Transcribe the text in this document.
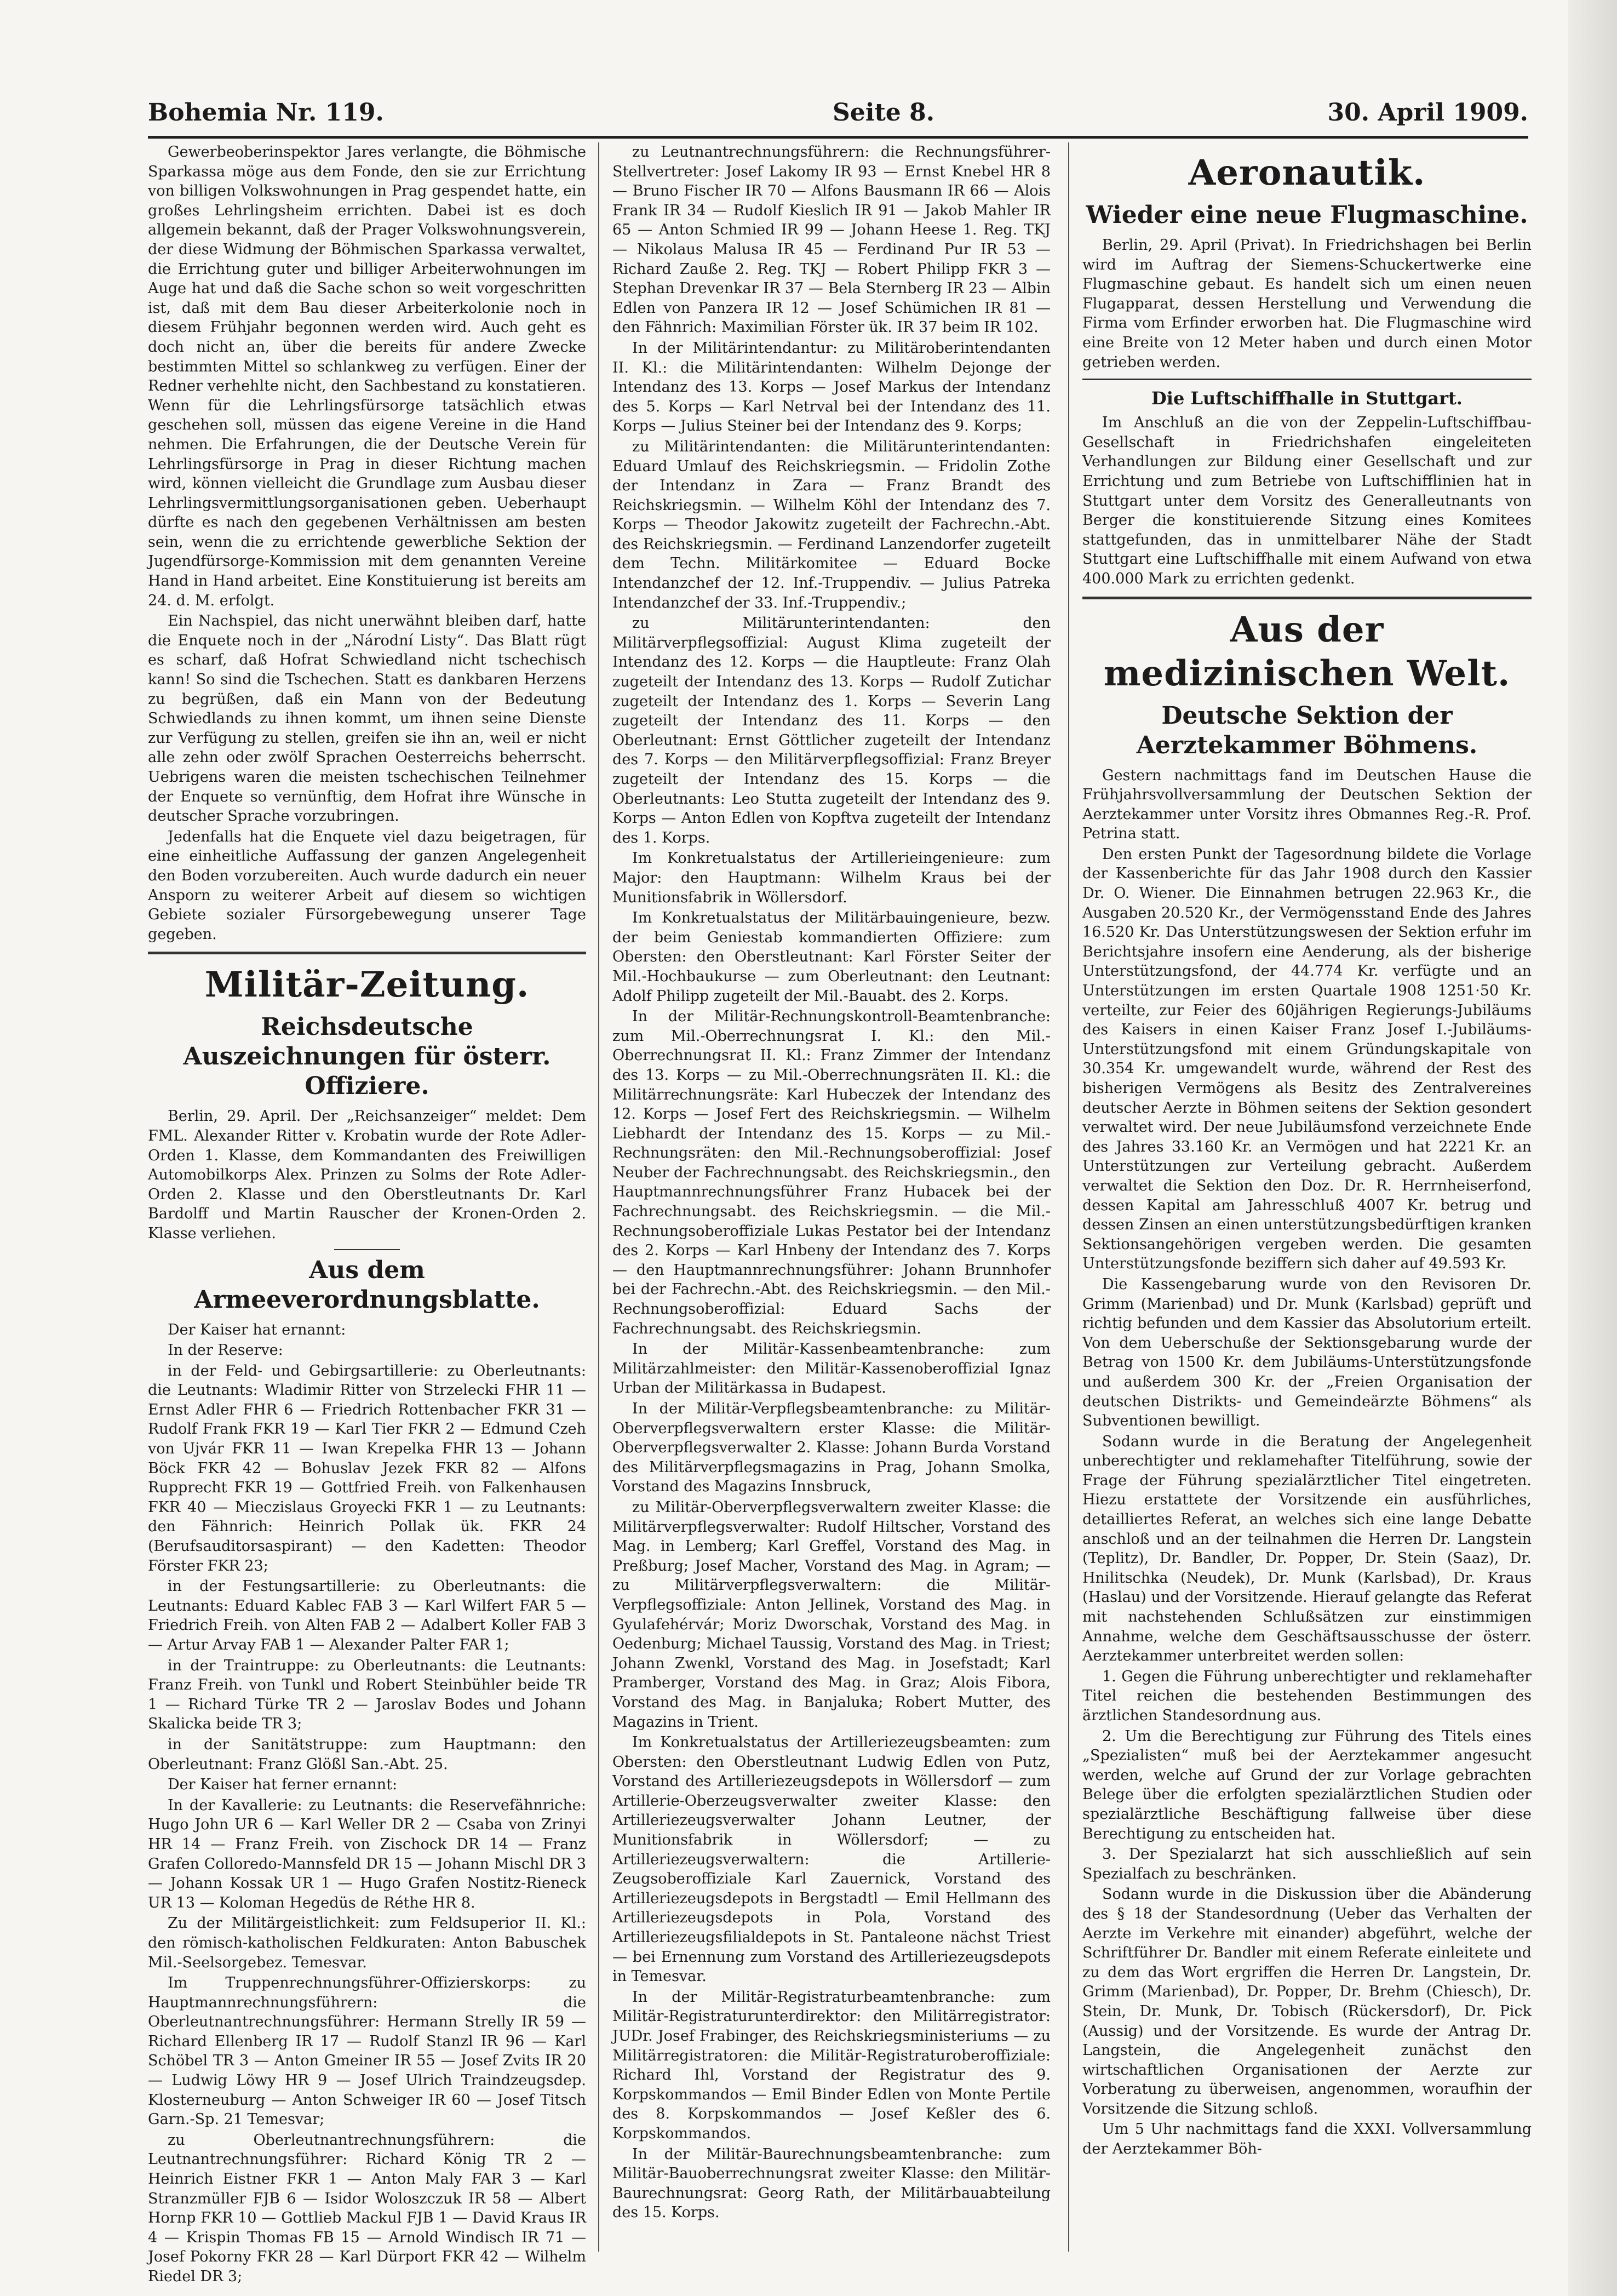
Bohemia Nr. 119.	Seite 8.	30. April 1909.

Gewerbeoberinspektor Jares verlangte, die Böhmische Sparkassa möge aus dem Fonde, den sie zur Errichtung von billigen Volkswohnungen in Prag gespendet hatte, ein großes Lehrlingsheim errichten. Dabei ist es doch allgemein bekannt, daß der Prager Volkswohnungsverein, der diese Widmung der Böhmischen Sparkassa verwaltet, die Errichtung guter und billiger Arbeiterwohnungen im Auge hat und daß die Sache schon so weit vorgeschritten ist, daß mit dem Bau dieser Arbeiterkolonie noch in diesem Frühjahr begonnen werden wird. Auch geht es doch nicht an, über die bereits für andere Zwecke bestimmten Mittel so schlankweg zu verfügen. Einer der Redner verhehlte nicht, den Sachbestand zu konstatieren. Wenn für die Lehrlingsfürsorge tatsächlich etwas geschehen soll, müssen das eigene Vereine in die Hand nehmen. Die Erfahrungen, die der Deutsche Verein für Lehrlingsfürsorge in Prag in dieser Richtung machen wird, können vielleicht die Grundlage zum Ausbau dieser Lehrlingsvermittlungsorganisationen geben. Ueberhaupt dürfte es nach den gegebenen Verhältnissen am besten sein, wenn die zu errichtende gewerbliche Sektion der Jugendfürsorge-Kommission mit dem genannten Vereine Hand in Hand arbeitet. Eine Konstituierung ist bereits am 24. d. M. erfolgt.

Ein Nachspiel, das nicht unerwähnt bleiben darf, hatte die Enquete noch in der „Národní Listy“. Das Blatt rügt es scharf, daß Hofrat Schwiedland nicht tschechisch kann! So sind die Tschechen. Statt es dankbaren Herzens zu begrüßen, daß ein Mann von der Bedeutung Schwiedlands zu ihnen kommt, um ihnen seine Dienste zur Verfügung zu stellen, greifen sie ihn an, weil er nicht alle zehn oder zwölf Sprachen Oesterreichs beherrscht. Uebrigens waren die meisten tschechischen Teilnehmer der Enquete so vernünftig, dem Hofrat ihre Wünsche in deutscher Sprache vorzubringen.

Jedenfalls hat die Enquete viel dazu beigetragen, für eine einheitliche Auffassung der ganzen Angelegenheit den Boden vorzubereiten. Auch wurde dadurch ein neuer Ansporn zu weiterer Arbeit auf diesem so wichtigen Gebiete sozialer Fürsorgebewegung unserer Tage gegeben.

Militär-Zeitung.
Reichsdeutsche Auszeichnungen für österr. Offiziere.

Berlin, 29. April. Der „Reichsanzeiger“ meldet: Dem FML. Alexander Ritter v. Krobatin wurde der Rote Adler-Orden 1. Klasse, dem Kommandanten des Freiwilligen Automobilkorps Alex. Prinzen zu Solms der Rote Adler-Orden 2. Klasse und den Oberstleutnants Dr. Karl Bardolff und Martin Rauscher der Kronen-Orden 2. Klasse verliehen.

Aus dem Armeeverordnungsblatte.

Der Kaiser hat ernannt:

In der Reserve:

in der Feld- und Gebirgsartillerie: zu Oberleutnants: die Leutnants: Wladimir Ritter von Strzelecki FHR 11 — Ernst Adler FHR 6 — Friedrich Rottenbacher FKR 31 — Rudolf Frank FKR 19 — Karl Tier FKR 2 — Edmund Czeh von Ujvár FKR 11 — Iwan Krepelka FHR 13 — Johann Böck FKR 42 — Bohuslav Jezek FKR 82 — Alfons Rupprecht FKR 19 — Gottfried Freih. von Falkenhausen FKR 40 — Mieczislaus Groyecki FKR 1 — zu Leutnants: den Fähnrich: Heinrich Pollak ük. FKR 24 (Berufsauditorsaspirant) — den Kadetten: Theodor Förster FKR 23;

in der Festungsartillerie: zu Oberleutnants: die Leutnants: Eduard Kablec FAB 3 — Karl Wilfert FAR 5 — Friedrich Freih. von Alten FAB 2 — Adalbert Koller FAB 3 — Artur Arvay FAB 1 — Alexander Palter FAR 1;

in der Traintruppe: zu Oberleutnants: die Leutnants: Franz Freih. von Tunkl und Robert Steinbühler beide TR 1 — Richard Türke TR 2 — Jaroslav Bodes und Johann Skalicka beide TR 3;

in der Sanitätstruppe: zum Hauptmann: den Oberleutnant: Franz Glößl San.-Abt. 25.

Der Kaiser hat ferner ernannt:

In der Kavallerie: zu Leutnants: die Reservefähnriche: Hugo John UR 6 — Karl Weller DR 2 — Csaba von Zrinyi HR 14 — Franz Freih. von Zischock DR 14 — Franz Grafen Colloredo-Mannsfeld DR 15 — Johann Mischl DR 3 — Johann Kossak UR 1 — Hugo Grafen Nostitz-Rieneck UR 13 — Koloman Hegedüs de Réthe HR 8.

Zu der Militärgeistlichkeit: zum Feldsuperior II. Kl.: den römisch-katholischen Feldkuraten: Anton Babuschek Mil.-Seelsorgebez. Temesvar.

Im Truppenrechnungsführer-Offizierskorps: zu Hauptmannrechnungsführern: die Oberleutnantrechnungsführer: Hermann Strelly IR 59 — Richard Ellenberg IR 17 — Rudolf Stanzl IR 96 — Karl Schöbel TR 3 — Anton Gmeiner IR 55 — Josef Zvits IR 20 — Ludwig Löwy HR 9 — Josef Ulrich Traindzeugsdep. Klosterneuburg — Anton Schweiger IR 60 — Josef Titsch Garn.-Sp. 21 Temesvar;

zu Oberleutnantrechnungsführern: die Leutnantrechnungsführer: Richard König TR 2 — Heinrich Eistner FKR 1 — Anton Maly FAR 3 — Karl Stranzmüller FJB 6 — Isidor Woloszczuk IR 58 — Albert Hornp FKR 10 — Gottlieb Mackul FJB 1 — David Kraus IR 4 — Krispin Thomas FB 15 — Arnold Windisch IR 71 — Josef Pokorny FKR 28 — Karl Dürport FKR 42 — Wilhelm Riedel DR 3;

zu Leutnantrechnungsführern: die Rechnungsführer-Stellvertreter: Josef Lakomy IR 93 — Ernst Knebel HR 8 — Bruno Fischer IR 70 — Alfons Bausmann IR 66 — Alois Frank IR 34 — Rudolf Kieslich IR 91 — Jakob Mahler IR 65 — Anton Schmied IR 99 — Johann Heese 1. Reg. TKJ — Nikolaus Malusa IR 45 — Ferdinand Pur IR 53 — Richard Zauße 2. Reg. TKJ — Robert Philipp FKR 3 — Stephan Drevenkar IR 37 — Bela Sternberg IR 23 — Albin Edlen von Panzera IR 12 — Josef Schümichen IR 81 — den Fähnrich: Maximilian Förster ük. IR 37 beim IR 102.

In der Militärintendantur: zu Militäroberintendanten II. Kl.: die Militärintendanten: Wilhelm Dejonge der Intendanz des 13. Korps — Josef Markus der Intendanz des 5. Korps — Karl Netrval bei der Intendanz des 11. Korps — Julius Steiner bei der Intendanz des 9. Korps;

zu Militärintendanten: die Militärunterintendanten: Eduard Umlauf des Reichskriegsmin. — Fridolin Zothe der Intendanz in Zara — Franz Brandt des Reichskriegsmin. — Wilhelm Köhl der Intendanz des 7. Korps — Theodor Jakowitz zugeteilt der Fachrechn.-Abt. des Reichskriegsmin. — Ferdinand Lanzendorfer zugeteilt dem Techn. Militärkomitee — Eduard Bocke Intendanzchef der 12. Inf.-Truppendiv. — Julius Patreka Intendanzchef der 33. Inf.-Truppendiv.;

zu Militärunterintendanten: den Militärverpflegsoffizial: August Klima zugeteilt der Intendanz des 12. Korps — die Hauptleute: Franz Olah zugeteilt der Intendanz des 13. Korps — Rudolf Zutichar zugeteilt der Intendanz des 1. Korps — Severin Lang zugeteilt der Intendanz des 11. Korps — den Oberleutnant: Ernst Göttlicher zugeteilt der Intendanz des 7. Korps — den Militärverpflegsoffizial: Franz Breyer zugeteilt der Intendanz des 15. Korps — die Oberleutnants: Leo Stutta zugeteilt der Intendanz des 9. Korps — Anton Edlen von Kopftva zugeteilt der Intendanz des 1. Korps.

Im Konkretualstatus der Artillerieingenieure: zum Major: den Hauptmann: Wilhelm Kraus bei der Munitionsfabrik in Wöllersdorf.

Im Konkretualstatus der Militärbauingenieure, bezw. der beim Geniestab kommandierten Offiziere: zum Obersten: den Oberstleutnant: Karl Förster Seiter der Mil.-Hochbaukurse — zum Oberleutnant: den Leutnant: Adolf Philipp zugeteilt der Mil.-Bauabt. des 2. Korps.

In der Militär-Rechnungskontroll-Beamtenbranche: zum Mil.-Oberrechnungsrat I. Kl.: den Mil.-Oberrechnungsrat II. Kl.: Franz Zimmer der Intendanz des 13. Korps — zu Mil.-Oberrechnungsräten II. Kl.: die Militärrechnungsräte: Karl Hubeczek der Intendanz des 12. Korps — Josef Fert des Reichskriegsmin. — Wilhelm Liebhardt der Intendanz des 15. Korps — zu Mil.-Rechnungsräten: den Mil.-Rechnungsoberoffizial: Josef Neuber der Fachrechnungsabt. des Reichskriegsmin., den Hauptmannrechnungsführer Franz Hubacek bei der Fachrechnungsabt. des Reichskriegsmin. — die Mil.-Rechnungsoberoffiziale Lukas Pestator bei der Intendanz des 2. Korps — Karl Hnbeny der Intendanz des 7. Korps — den Hauptmannrechnungsführer: Johann Brunnhofer bei der Fachrechn.-Abt. des Reichskriegsmin. — den Mil.-Rechnungsoberoffizial: Eduard Sachs der Fachrechnungsabt. des Reichskriegsmin.

In der Militär-Kassenbeamtenbranche: zum Militärzahlmeister: den Militär-Kassenoberoffizial Ignaz Urban der Militärkassa in Budapest.

In der Militär-Verpflegsbeamtenbranche: zu Militär-Oberverpflegsverwaltern erster Klasse: die Militär-Oberverpflegsverwalter 2. Klasse: Johann Burda Vorstand des Militärverpflegsmagazins in Prag, Johann Smolka, Vorstand des Magazins Innsbruck,

zu Militär-Oberverpflegsverwaltern zweiter Klasse: die Militärverpflegsverwalter: Rudolf Hiltscher, Vorstand des Mag. in Lemberg; Karl Greffel, Vorstand des Mag. in Preßburg; Josef Macher, Vorstand des Mag. in Agram; — zu Militärverpflegsverwaltern: die Militär-Verpflegsoffiziale: Anton Jellinek, Vorstand des Mag. in Gyulafehérvár; Moriz Dworschak, Vorstand des Mag. in Oedenburg; Michael Taussig, Vorstand des Mag. in Triest; Johann Zwenkl, Vorstand des Mag. in Josefstadt; Karl Pramberger, Vorstand des Mag. in Graz; Alois Fibora, Vorstand des Mag. in Banjaluka; Robert Mutter, des Magazins in Trient.

Im Konkretualstatus der Artilleriezeugsbeamten: zum Obersten: den Oberstleutnant Ludwig Edlen von Putz, Vorstand des Artilleriezeugsdepots in Wöllersdorf — zum Artillerie-Oberzeugsverwalter zweiter Klasse: den Artilleriezeugsverwalter Johann Leutner, der Munitionsfabrik in Wöllersdorf; — zu Artilleriezeugsverwaltern: die Artillerie-Zeugsoberoffiziale Karl Zauernick, Vorstand des Artilleriezeugsdepots in Bergstadtl — Emil Hellmann des Artilleriezeugsdepots in Pola, Vorstand des Artilleriezeugsfilialdepots in St. Pantaleone nächst Triest — bei Ernennung zum Vorstand des Artilleriezeugsdepots in Temesvar.

In der Militär-Registraturbeamtenbranche: zum Militär-Registraturunterdirektor: den Militärregistrator: JUDr. Josef Frabinger, des Reichskriegsministeriums — zu Militärregistratoren: die Militär-Registraturoberoffiziale: Richard Ihl, Vorstand der Registratur des 9. Korpskommandos — Emil Binder Edlen von Monte Pertile des 8. Korpskommandos — Josef Keßler des 6. Korpskommandos.

In der Militär-Baurechnungsbeamtenbranche: zum Militär-Bauoberrechnungsrat zweiter Klasse: den Militär-Baurechnungsrat: Georg Rath, der Militärbauabteilung des 15. Korps.

Aeronautik.
Wieder eine neue Flugmaschine.

Berlin, 29. April (Privat). In Friedrichshagen bei Berlin wird im Auftrag der Siemens-Schuckertwerke eine Flugmaschine gebaut. Es handelt sich um einen neuen Flugapparat, dessen Herstellung und Verwendung die Firma vom Erfinder erworben hat. Die Flugmaschine wird eine Breite von 12 Meter haben und durch einen Motor getrieben werden.

Die Luftschiffhalle in Stuttgart.

Im Anschluß an die von der Zeppelin-Luftschiffbau-Gesellschaft in Friedrichshafen eingeleiteten Verhandlungen zur Bildung einer Gesellschaft und zur Errichtung und zum Betriebe von Luftschifflinien hat in Stuttgart unter dem Vorsitz des Generalleutnants von Berger die konstituierende Sitzung eines Komitees stattgefunden, das in unmittelbarer Nähe der Stadt Stuttgart eine Luftschiffhalle mit einem Aufwand von etwa 400.000 Mark zu errichten gedenkt.

Aus der medizinischen Welt.
Deutsche Sektion der Aerztekammer Böhmens.

Gestern nachmittags fand im Deutschen Hause die Frühjahrsvollversammlung der Deutschen Sektion der Aerztekammer unter Vorsitz ihres Obmannes Reg.-R. Prof. Petrina statt.

Den ersten Punkt der Tagesordnung bildete die Vorlage der Kassenberichte für das Jahr 1908 durch den Kassier Dr. O. Wiener. Die Einnahmen betrugen 22.963 Kr., die Ausgaben 20.520 Kr., der Vermögensstand Ende des Jahres 16.520 Kr. Das Unterstützungswesen der Sektion erfuhr im Berichtsjahre insofern eine Aenderung, als der bisherige Unterstützungsfond, der 44.774 Kr. verfügte und an Unterstützungen im ersten Quartale 1908 1251·50 Kr. verteilte, zur Feier des 60jährigen Regierungs-Jubiläums des Kaisers in einen Kaiser Franz Josef I.-Jubiläums-Unterstützungsfond mit einem Gründungskapitale von 30.354 Kr. umgewandelt wurde, während der Rest des bisherigen Vermögens als Besitz des Zentralvereines deutscher Aerzte in Böhmen seitens der Sektion gesondert verwaltet wird. Der neue Jubiläumsfond verzeichnete Ende des Jahres 33.160 Kr. an Vermögen und hat 2221 Kr. an Unterstützungen zur Verteilung gebracht. Außerdem verwaltet die Sektion den Doz. Dr. R. Herrnheiserfond, dessen Kapital am Jahresschluß 4007 Kr. betrug und dessen Zinsen an einen unterstützungsbedürftigen kranken Sektionsangehörigen vergeben werden. Die gesamten Unterstützungsfonde beziffern sich daher auf 49.593 Kr.

Die Kassengebarung wurde von den Revisoren Dr. Grimm (Marienbad) und Dr. Munk (Karlsbad) geprüft und richtig befunden und dem Kassier das Absolutorium erteilt. Von dem Ueberschuße der Sektionsgebarung wurde der Betrag von 1500 Kr. dem Jubiläums-Unterstützungsfonde und außerdem 300 Kr. der „Freien Organisation der deutschen Distrikts- und Gemeindeärzte Böhmens“ als Subventionen bewilligt.

Sodann wurde in die Beratung der Angelegenheit unberechtigter und reklamehafter Titelführung, sowie der Frage der Führung spezialärztlicher Titel eingetreten. Hiezu erstattete der Vorsitzende ein ausführliches, detailliertes Referat, an welches sich eine lange Debatte anschloß und an der teilnahmen die Herren Dr. Langstein (Teplitz), Dr. Bandler, Dr. Popper, Dr. Stein (Saaz), Dr. Hnilitschka (Neudek), Dr. Munk (Karlsbad), Dr. Kraus (Haslau) und der Vorsitzende. Hierauf gelangte das Referat mit nachstehenden Schlußsätzen zur einstimmigen Annahme, welche dem Geschäftsausschusse der österr. Aerztekammer unterbreitet werden sollen:

1. Gegen die Führung unberechtigter und reklamehafter Titel reichen die bestehenden Bestimmungen des ärztlichen Standesordnung aus.

2. Um die Berechtigung zur Führung des Titels eines „Spezialisten“ muß bei der Aerztekammer angesucht werden, welche auf Grund der zur Vorlage gebrachten Belege über die erfolgten spezialärztlichen Studien oder spezialärztliche Beschäftigung fallweise über diese Berechtigung zu entscheiden hat.

3. Der Spezialarzt hat sich ausschließlich auf sein Spezialfach zu beschränken.

Sodann wurde in die Diskussion über die Abänderung des § 18 der Standesordnung (Ueber das Verhalten der Aerzte im Verkehre mit einander) abgeführt, welche der Schriftführer Dr. Bandler mit einem Referate einleitete und zu dem das Wort ergriffen die Herren Dr. Langstein, Dr. Grimm (Marienbad), Dr. Popper, Dr. Brehm (Chiesch), Dr. Stein, Dr. Munk, Dr. Tobisch (Rückersdorf), Dr. Pick (Aussig) und der Vorsitzende. Es wurde der Antrag Dr. Langstein, die Angelegenheit zunächst den wirtschaftlichen Organisationen der Aerzte zur Vorberatung zu überweisen, angenommen, woraufhin der Vorsitzende die Sitzung schloß.

Um 5 Uhr nachmittags fand die XXXI. Vollversammlung der Aerztekammer Böh-
